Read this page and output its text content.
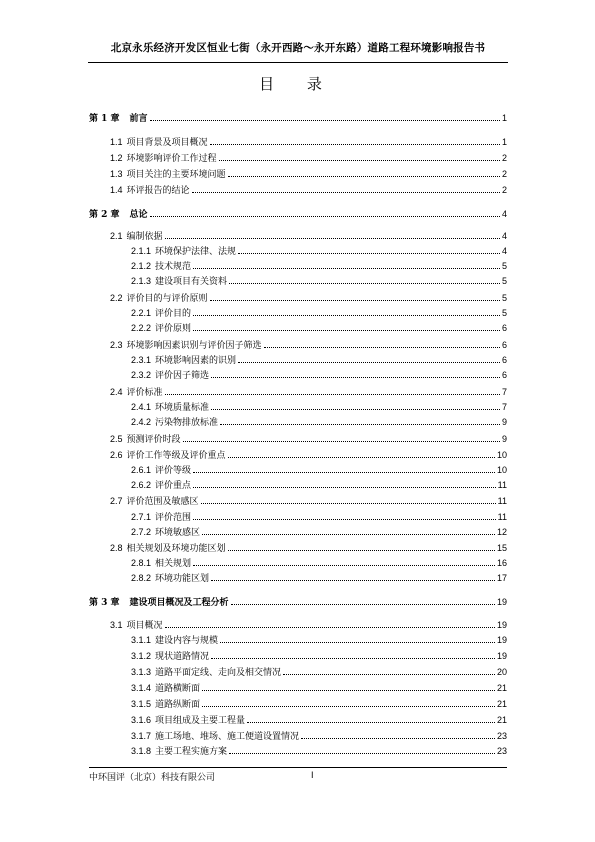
北京永乐经济开发区恒业七街（永开西路～永开东路）道路工程环境影响报告书
目 录
第 1 章 前言	1
1.1 项目背景及项目概况	1
1.2 环境影响评价工作过程	2
1.3 项目关注的主要环境问题	2
1.4 环评报告的结论	2
第 2 章 总论	4
2.1 编制依据	4
2.1.1 环境保护法律、法规	4
2.1.2 技术规范	5
2.1.3 建设项目有关资料	5
2.2 评价目的与评价原则	5
2.2.1 评价目的	5
2.2.2 评价原则	6
2.3 环境影响因素识别与评价因子筛选	6
2.3.1 环境影响因素的识别	6
2.3.2 评价因子筛选	6
2.4 评价标准	7
2.4.1 环境质量标准	7
2.4.2 污染物排放标准	9
2.5 预测评价时段	9
2.6 评价工作等级及评价重点	10
2.6.1 评价等级	10
2.6.2 评价重点	11
2.7 评价范围及敏感区	11
2.7.1 评价范围	11
2.7.2 环境敏感区	12
2.8 相关规划及环境功能区划	15
2.8.1 相关规划	16
2.8.2 环境功能区划	17
第 3 章 建设项目概况及工程分析	19
3.1 项目概况	19
3.1.1 建设内容与规模	19
3.1.2 现状道路情况	19
3.1.3 道路平面定线、走向及相交情况	20
3.1.4 道路横断面	21
3.1.5 道路纵断面	21
3.1.6 项目组成及主要工程量	21
3.1.7 施工场地、堆场、施工便道设置情况	23
3.1.8 主要工程实施方案	23
中环国评（北京）科技有限公司	I
